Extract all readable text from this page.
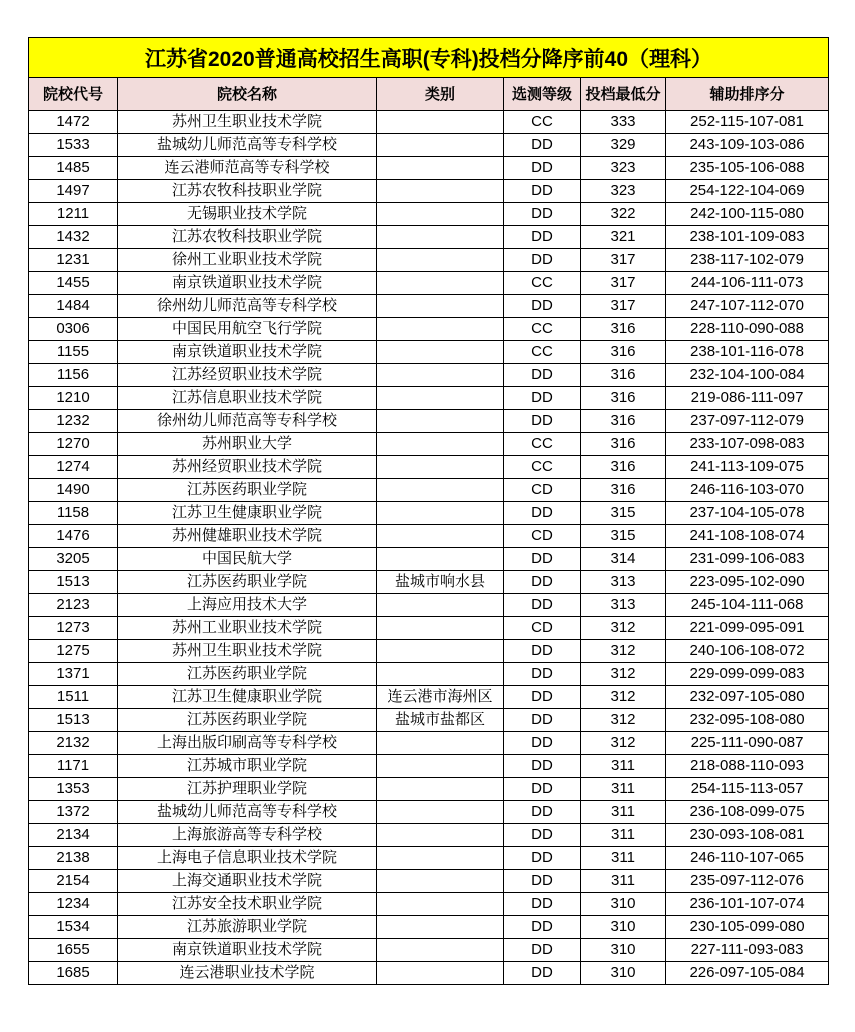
江苏省2020普通高校招生高职(专科)投档分降序前40（理科）					
院校代号	院校名称	类别	选测等级	投档最低分	辅助排序分
1472	苏州卫生职业技术学院		CC	333	252-115-107-081
1533	盐城幼儿师范高等专科学校		DD	329	243-109-103-086
1485	连云港师范高等专科学校		DD	323	235-105-106-088
1497	江苏农牧科技职业学院		DD	323	254-122-104-069
1211	无锡职业技术学院		DD	322	242-100-115-080
1432	江苏农牧科技职业学院		DD	321	238-101-109-083
1231	徐州工业职业技术学院		DD	317	238-117-102-079
1455	南京铁道职业技术学院		CC	317	244-106-111-073
1484	徐州幼儿师范高等专科学校		DD	317	247-107-112-070
0306	中国民用航空飞行学院		CC	316	228-110-090-088
1155	南京铁道职业技术学院		CC	316	238-101-116-078
1156	江苏经贸职业技术学院		DD	316	232-104-100-084
1210	江苏信息职业技术学院		DD	316	219-086-111-097
1232	徐州幼儿师范高等专科学校		DD	316	237-097-112-079
1270	苏州职业大学		CC	316	233-107-098-083
1274	苏州经贸职业技术学院		CC	316	241-113-109-075
1490	江苏医药职业学院		CD	316	246-116-103-070
1158	江苏卫生健康职业学院		DD	315	237-104-105-078
1476	苏州健雄职业技术学院		CD	315	241-108-108-074
3205	中国民航大学		DD	314	231-099-106-083
1513	江苏医药职业学院	盐城市响水县	DD	313	223-095-102-090
2123	上海应用技术大学		DD	313	245-104-111-068
1273	苏州工业职业技术学院		CD	312	221-099-095-091
1275	苏州卫生职业技术学院		DD	312	240-106-108-072
1371	江苏医药职业学院		DD	312	229-099-099-083
1511	江苏卫生健康职业学院	连云港市海州区	DD	312	232-097-105-080
1513	江苏医药职业学院	盐城市盐都区	DD	312	232-095-108-080
2132	上海出版印刷高等专科学校		DD	312	225-111-090-087
1171	江苏城市职业学院		DD	311	218-088-110-093
1353	江苏护理职业学院		DD	311	254-115-113-057
1372	盐城幼儿师范高等专科学校		DD	311	236-108-099-075
2134	上海旅游高等专科学校		DD	311	230-093-108-081
2138	上海电子信息职业技术学院		DD	311	246-110-107-065
2154	上海交通职业技术学院		DD	311	235-097-112-076
1234	江苏安全技术职业学院		DD	310	236-101-107-074
1534	江苏旅游职业学院		DD	310	230-105-099-080
1655	南京铁道职业技术学院		DD	310	227-111-093-083
1685	连云港职业技术学院		DD	310	226-097-105-084
